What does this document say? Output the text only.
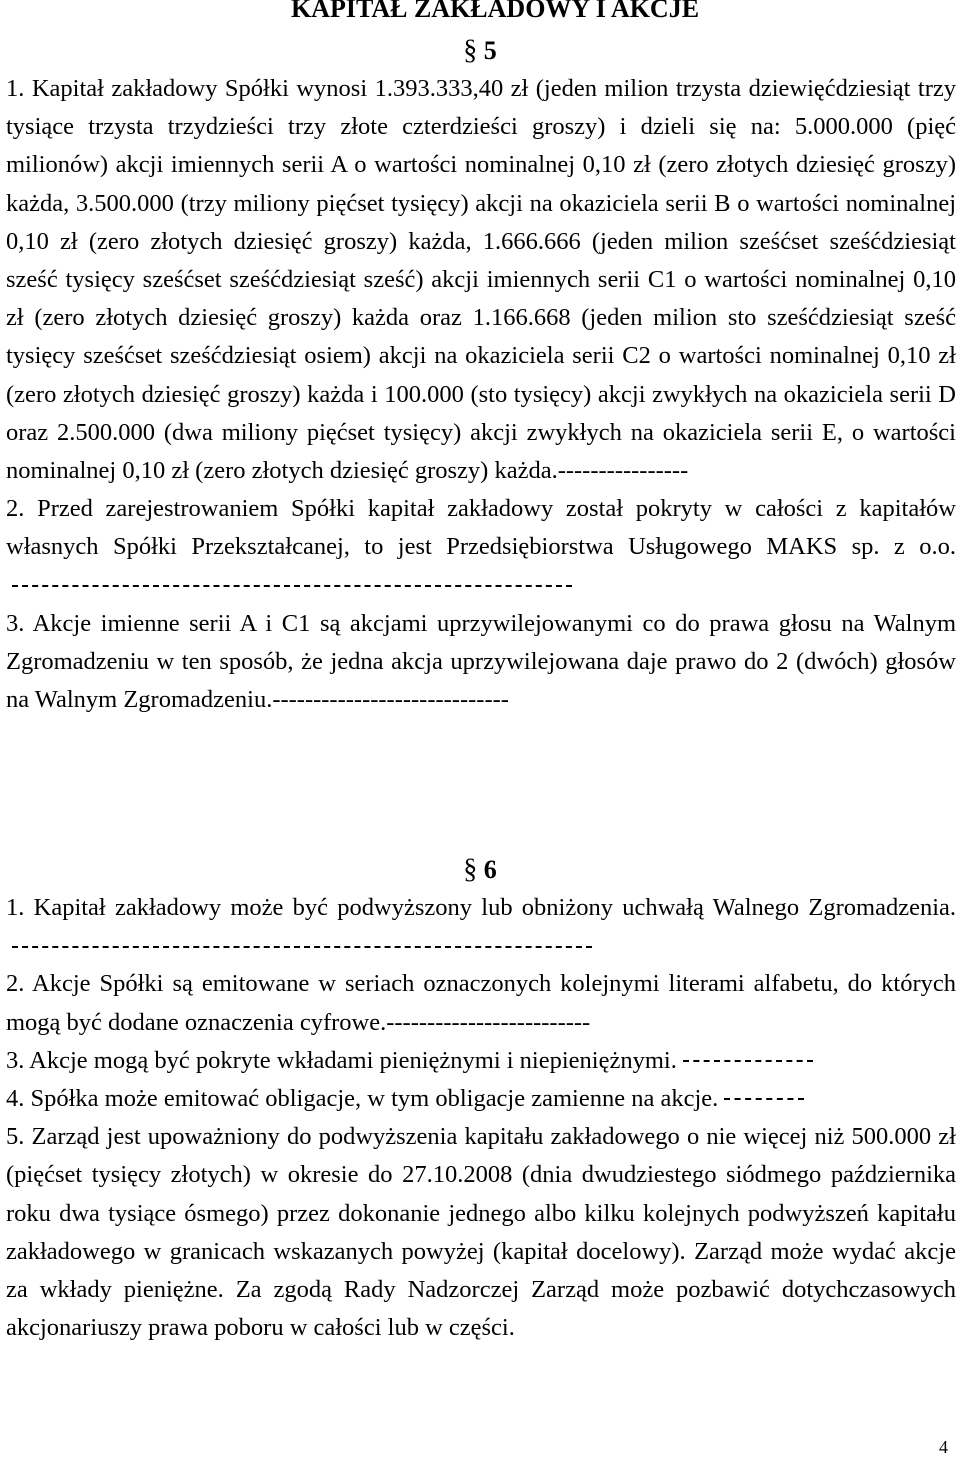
KAPITAŁ ZAKŁADOWY I AKCJE
§ 5

1. Kapitał zakładowy Spółki wynosi 1.393.333,40 zł (jeden milion trzysta dziewięćdziesiąt trzy tysiące trzysta trzydzieści trzy złote czterdzieści groszy) i dzieli się na: 5.000.000 (pięć milionów) akcji imiennych serii A o wartości nominalnej 0,10 zł (zero złotych dziesięć groszy) każda, 3.500.000 (trzy miliony pięćset tysięcy) akcji na okaziciela serii B o wartości nominalnej 0,10 zł (zero złotych dziesięć groszy) każda, 1.666.666 (jeden milion sześćset sześćdziesiąt sześć tysięcy sześćset sześćdziesiąt sześć) akcji imiennych serii C1 o wartości nominalnej 0,10 zł (zero złotych dziesięć groszy) każda oraz 1.166.668 (jeden milion sto sześćdziesiąt sześć tysięcy sześćset sześćdziesiąt osiem) akcji na okaziciela serii C2 o wartości nominalnej 0,10 zł (zero złotych dziesięć groszy) każda i 100.000 (sto tysięcy) akcji zwykłych na okaziciela serii D oraz 2.500.000 (dwa miliony pięćset tysięcy) akcji zwykłych na okaziciela serii E, o wartości nominalnej 0,10 zł (zero złotych dziesięć groszy) każda.----------------

2. Przed zarejestrowaniem Spółki kapitał zakładowy został pokryty w całości z kapitałów własnych Spółki Przekształcanej, to jest Przedsiębiorstwa Usługowego MAKS sp. z o.o.

3. Akcje imienne serii A i C1 są akcjami uprzywilejowanymi co do prawa głosu na Walnym Zgromadzeniu w ten sposób, że jedna akcja uprzywilejowana daje prawo do 2 (dwóch) głosów na Walnym Zgromadzeniu.-----------------------------

§ 6

1. Kapitał zakładowy może być podwyższony lub obniżony uchwałą Walnego Zgromadzenia.

2. Akcje Spółki są emitowane w seriach oznaczonych kolejnymi literami alfabetu, do których mogą być dodane oznaczenia cyfrowe.-------------------------

3. Akcje mogą być pokryte wkładami pieniężnymi i niepieniężnymi.

4. Spółka może emitować obligacje, w tym obligacje zamienne na akcje.

5. Zarząd jest upoważniony do podwyższenia kapitału zakładowego o nie więcej niż 500.000 zł (pięćset tysięcy złotych) w okresie do 27.10.2008 (dnia dwudziestego siódmego października roku dwa tysiące ósmego) przez dokonanie jednego albo kilku kolejnych podwyższeń kapitału zakładowego w granicach wskazanych powyżej (kapitał docelowy). Zarząd może wydać akcje za wkłady pieniężne. Za zgodą Rady Nadzorczej Zarząd może pozbawić dotychczasowych akcjonariuszy prawa poboru w całości lub w części.

4
